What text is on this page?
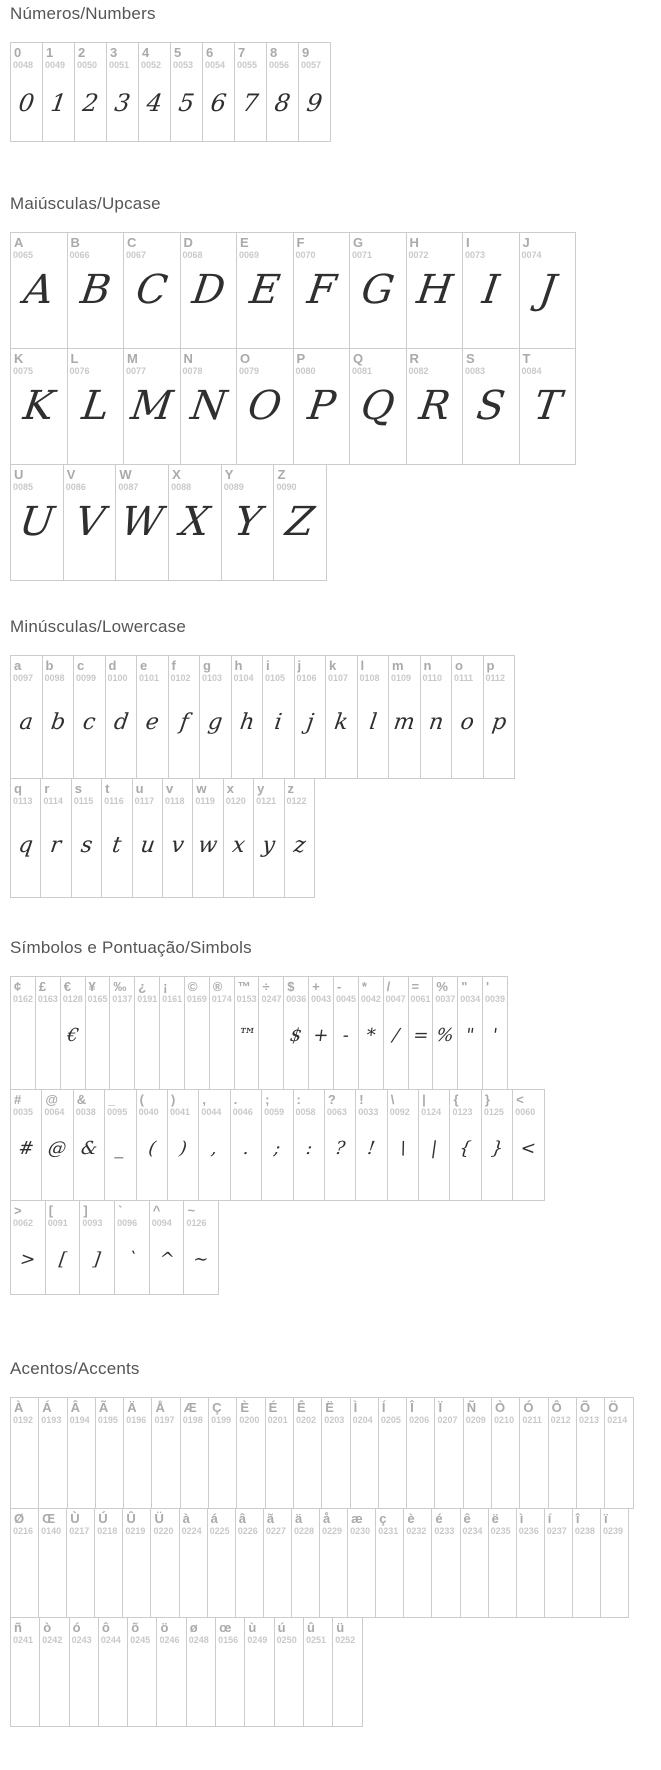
Números/Numbers
0
0048
0
1
0049
1
2
0050
2
3
0051
3
4
0052
4
5
0053
5
6
0054
6
7
0055
7
8
0056
8
9
0057
9
Maiúsculas/Upcase
A
0065
A
B
0066
B
C
0067
C
D
0068
D
E
0069
E
F
0070
F
G
0071
G
H
0072
H
I
0073
I
J
0074
J
K
0075
K
L
0076
L
M
0077
M
N
0078
N
O
0079
O
P
0080
P
Q
0081
Q
R
0082
R
S
0083
S
T
0084
T
U
0085
U
V
0086
V
W
0087
W
X
0088
X
Y
0089
Y
Z
0090
Z
Minúsculas/Lowercase
a
0097
a
b
0098
b
c
0099
c
d
0100
d
e
0101
e
f
0102
f
g
0103
g
h
0104
h
i
0105
i
j
0106
j
k
0107
k
l
0108
l
m
0109
m
n
0110
n
o
0111
o
p
0112
p
q
0113
q
r
0114
r
s
0115
s
t
0116
t
u
0117
u
v
0118
v
w
0119
w
x
0120
x
y
0121
y
z
0122
z
Símbolos e Pontuação/Simbols
¢
0162
£
0163
€
0128
€
¥
0165
‰
0137
¿
0191
¡
0161
©
0169
®
0174
™
0153
™
÷
0247
$
0036
$
+
0043
+
-
0045
-
*
0042
*
/
0047
/
=
0061
=
%
0037
%
"
0034
"
'
0039
'
#
0035
#
@
0064
@
&
0038
&
_
0095
_
(
0040
(
)
0041
)
,
0044
,
.
0046
.
;
0059
;
:
0058
:
?
0063
?
!
0033
!
\
0092
\
|
0124
|
{
0123
{
}
0125
}
<
0060
<
>
0062
>
[
0091
[
]
0093
]
`
0096
`
^
0094
^
~
0126
~
Acentos/Accents
À
0192
Á
0193
Â
0194
Ã
0195
Ä
0196
Å
0197
Æ
0198
Ç
0199
È
0200
É
0201
Ê
0202
Ë
0203
Ì
0204
Í
0205
Î
0206
Ï
0207
Ñ
0209
Ò
0210
Ó
0211
Ô
0212
Õ
0213
Ö
0214
Ø
0216
Œ
0140
Ù
0217
Ú
0218
Û
0219
Ü
0220
à
0224
á
0225
â
0226
ã
0227
ä
0228
å
0229
æ
0230
ç
0231
è
0232
é
0233
ê
0234
ë
0235
ì
0236
í
0237
î
0238
ï
0239
ñ
0241
ò
0242
ó
0243
ô
0244
õ
0245
ö
0246
ø
0248
œ
0156
ù
0249
ú
0250
û
0251
ü
0252
